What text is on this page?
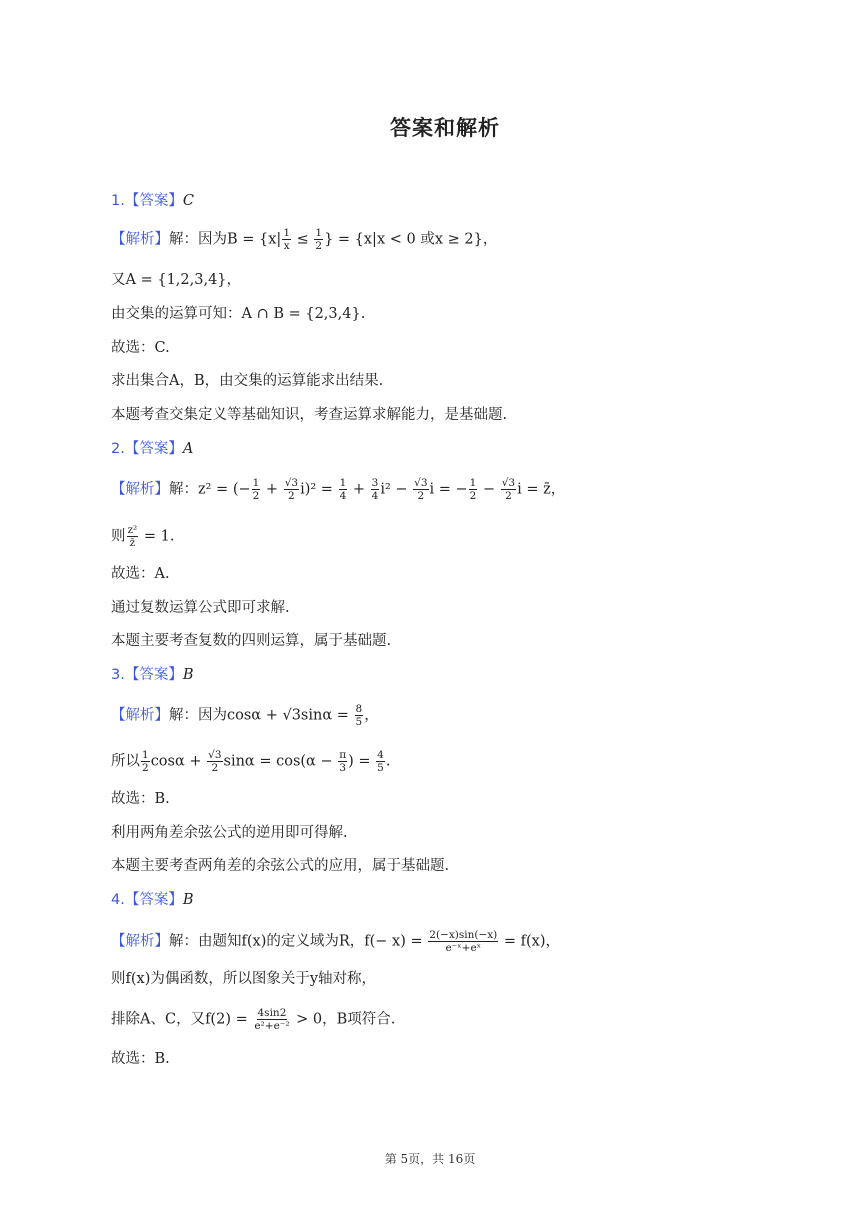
答案和解析
1.【答案】C
【解析】解：因为$B = \{x| \frac{1}{x} \le \frac{1}{2}$ } = {x|x < 0 或x ≥ 2}，
又A = {1,2,3,4}，
由交集的运算可知：A ∩ B = {2,3,4}.
故选：C.
求出集合A，B，由交集的运算能求出结果.
本题考查交集定义等基础知识，考查运算求解能力，是基础题.
2.【答案】A
【解析】解：z² = (− $\frac{1}{2} + \frac{√3}{2} i)^2 = \frac{1}{4} + \frac{3}{4} i^2 - \frac{√3}{2}$ i = − $\frac{1}{2} - \frac{√3}{2}$ i = z̄，
则 $\frac{\text{z²}}{z̄} = 1$.
故选：A.
通过复数运算公式即可求解.
本题主要考查复数的四则运算，属于基础题.
3.【答案】B
【解析】解：因为$\cos\alpha + √3\sin\alpha = \frac{8}{5}$ ，
所以 $\frac{1}{2}$ $\cos\alpha + \frac{√3}{2}$ $\sin\alpha = \cos(\alpha - \frac{\pi}{3}$ ) = $\frac{4}{5}$ .
故选：B.
利用两角差余弦公式的逆用即可得解.
本题主要考查两角差的余弦公式的应用，属于基础题.
4.【答案】B
【解析】解：由题知f(x)的定义域为R，$f(- x) = \frac{2(-x)\sin(-x)}{\text{e⁻ˣ+eˣ}} = f(x)$，
则f(x)为偶函数，所以图象关于y轴对称，
排除A、C，又$f(2) = \frac{4\sin 2}{\text{e²+e⁻²}} > 0$，B项符合.
故选：B.
第 5页，共 16页
